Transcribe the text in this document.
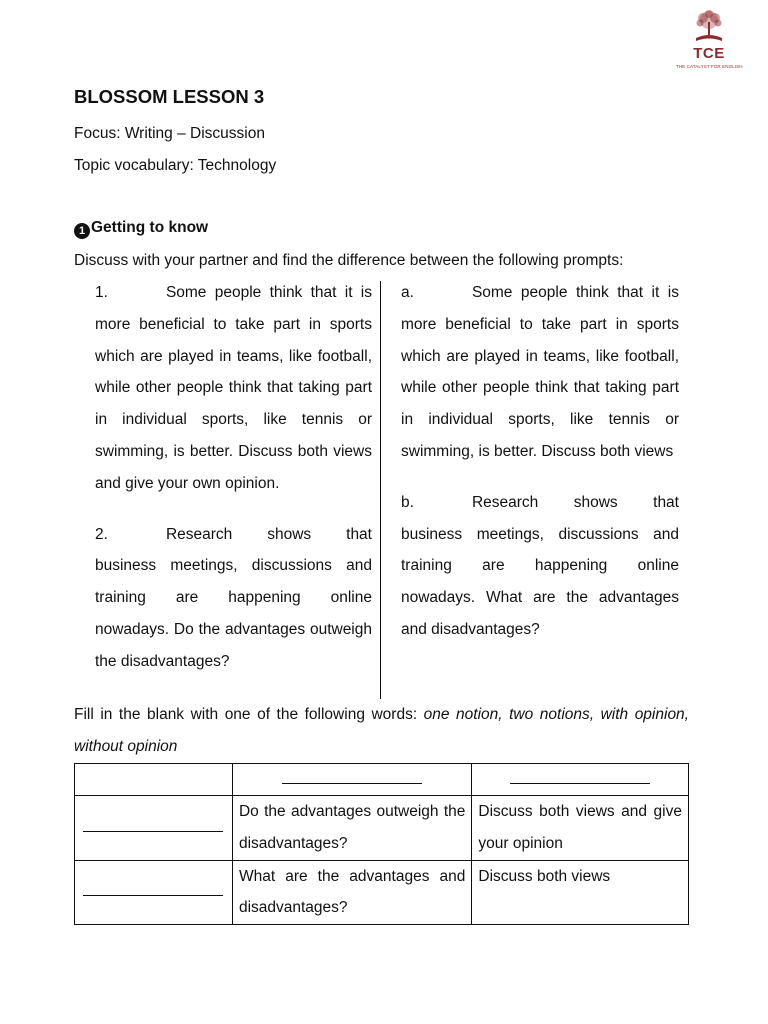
TCE
THE CATALYST FOR ENGLISH
BLOSSOM LESSON 3
Focus: Writing – Discussion
Topic vocabulary: Technology
1 Getting to know
Discuss with your partner and find the difference between the following prompts:

1.	Some people think that it is more beneficial to take part in sports which are played in teams, like football, while other people think that taking part in individual sports, like tennis or swimming, is better. Discuss both views and give your own opinion.

2.	Research shows that business meetings, discussions and training are happening online nowadays. Do the advantages outweigh the disadvantages?

a.	Some people think that it is more beneficial to take part in sports which are played in teams, like football, while other people think that taking part in individual sports, like tennis or swimming, is better. Discuss both views

b.	Research shows that business meetings, discussions and training are happening online nowadays. What are the advantages and disadvantages?

Fill in the blank with one of the following words: one notion, two notions, with opinion, without opinion

	Do the advantages outweigh the disadvantages?	Discuss both views and give your opinion
	What are the advantages and disadvantages?	Discuss both views
